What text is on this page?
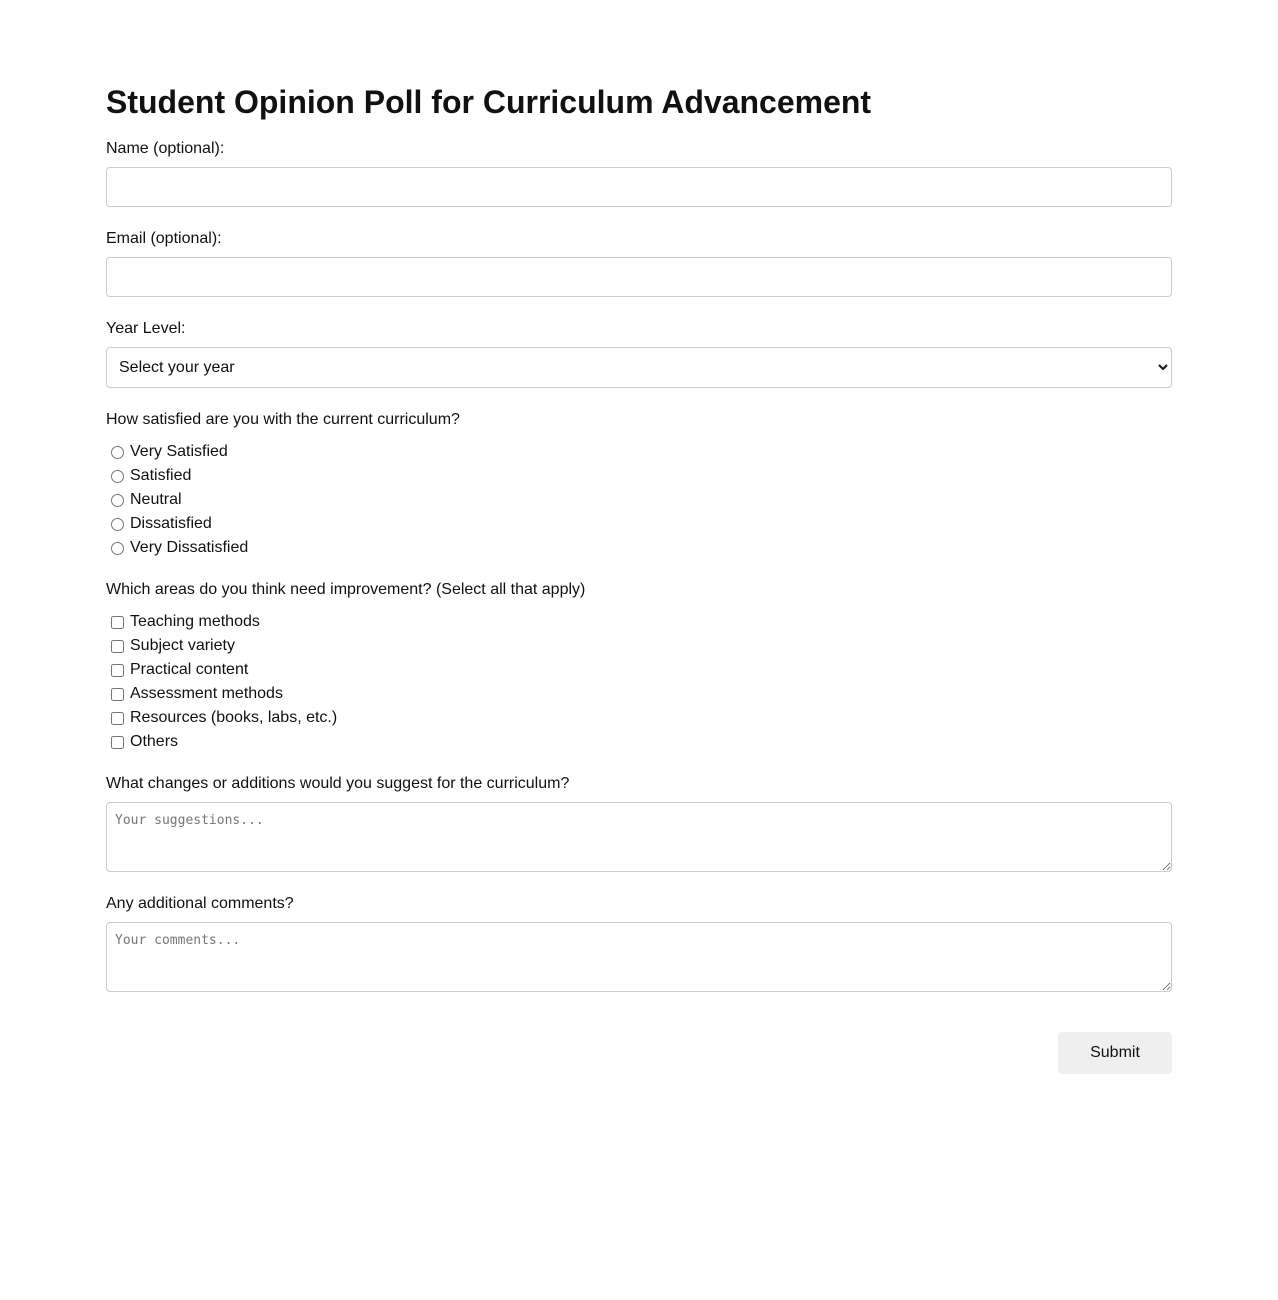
Student Opinion Poll for Curriculum Advancement
Name (optional):
Email (optional):
Year Level:
Select your year
How satisfied are you with the current curriculum?
Very Satisfied
Satisfied
Neutral
Dissatisfied
Very Dissatisfied
Which areas do you think need improvement? (Select all that apply)
Teaching methods
Subject variety
Practical content
Assessment methods
Resources (books, labs, etc.)
Others
What changes or additions would you suggest for the curriculum?
Your suggestions...
Any additional comments?
Your comments...
Submit
